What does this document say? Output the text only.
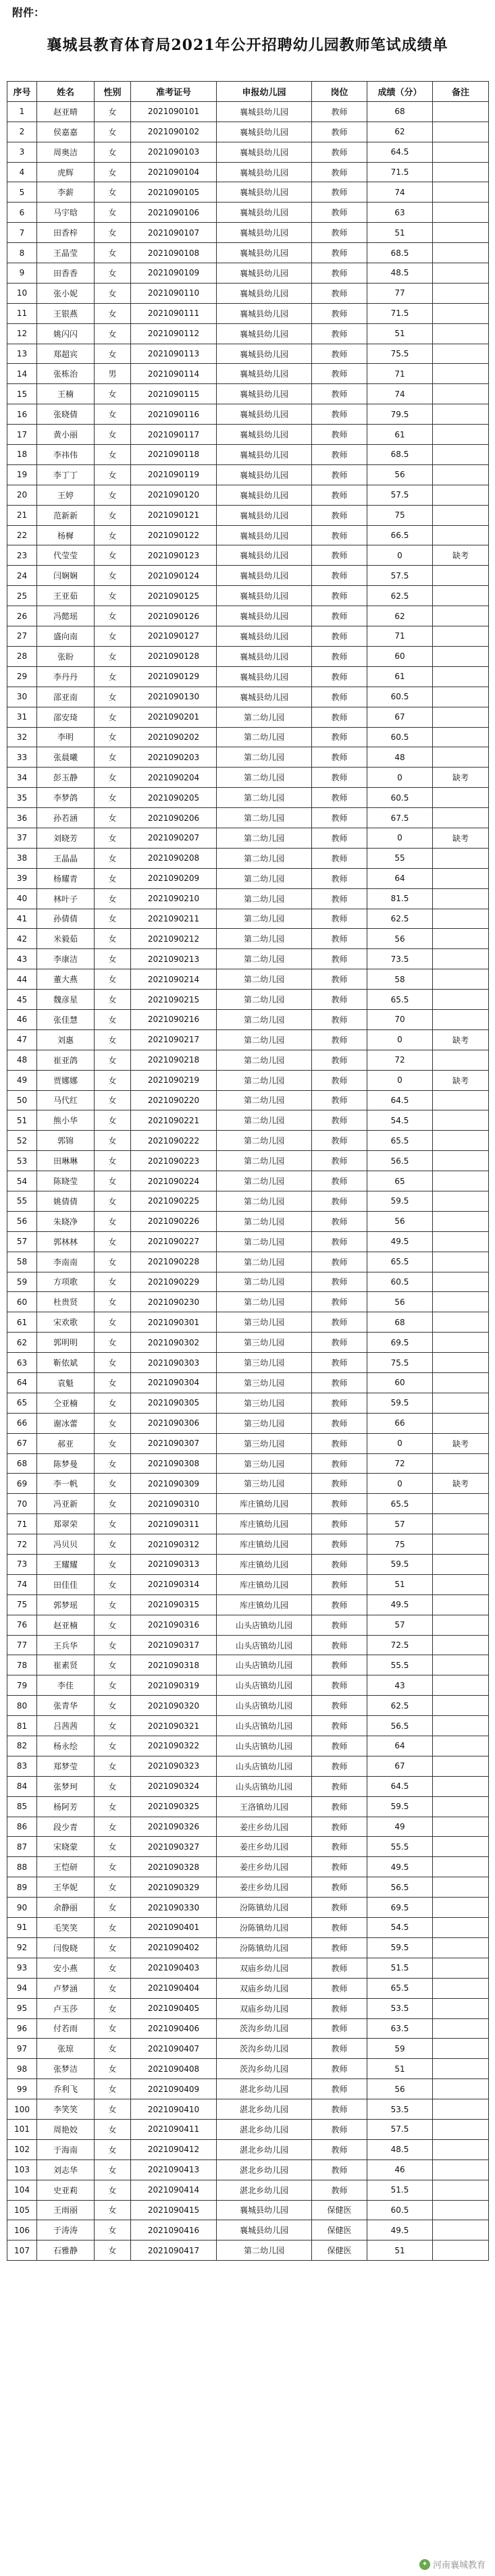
附件：
襄城县教育体育局2021年公开招聘幼儿园教师笔试成绩单
序号	姓名	性别	准考证号	申报幼儿园	岗位	成绩（分）	备注
1	赵亚晴	女	2021090101	襄城县幼儿园	教师	68	
2	侯嘉嘉	女	2021090102	襄城县幼儿园	教师	62	
3	周奥洁	女	2021090103	襄城县幼儿园	教师	64.5	
4	虎辉	女	2021090104	襄城县幼儿园	教师	71.5	
5	李薪	女	2021090105	襄城县幼儿园	教师	74	
6	马宇晗	女	2021090106	襄城县幼儿园	教师	63	
7	田香梓	女	2021090107	襄城县幼儿园	教师	51	
8	王晶莹	女	2021090108	襄城县幼儿园	教师	68.5	
9	田香香	女	2021090109	襄城县幼儿园	教师	48.5	
10	张小妮	女	2021090110	襄城县幼儿园	教师	77	
11	王银燕	女	2021090111	襄城县幼儿园	教师	71.5	
12	姚闪闪	女	2021090112	襄城县幼儿园	教师	51	
13	郑超宾	女	2021090113	襄城县幼儿园	教师	75.5	
14	张栋治	男	2021090114	襄城县幼儿园	教师	71	
15	王楠	女	2021090115	襄城县幼儿园	教师	74	
16	张晓倩	女	2021090116	襄城县幼儿园	教师	79.5	
17	黄小丽	女	2021090117	襄城县幼儿园	教师	61	
18	李祎伟	女	2021090118	襄城县幼儿园	教师	68.5	
19	李丁丁	女	2021090119	襄城县幼儿园	教师	56	
20	王婷	女	2021090120	襄城县幼儿园	教师	57.5	
21	范新新	女	2021090121	襄城县幼儿园	教师	75	
22	杨樨	女	2021090122	襄城县幼儿园	教师	66.5	
23	代莹莹	女	2021090123	襄城县幼儿园	教师	0	缺考
24	闫娴娴	女	2021090124	襄城县幼儿园	教师	57.5	
25	王亚茹	女	2021090125	襄城县幼儿园	教师	62.5	
26	冯懿瑶	女	2021090126	襄城县幼儿园	教师	62	
27	盛向南	女	2021090127	襄城县幼儿园	教师	71	
28	张盼	女	2021090128	襄城县幼儿园	教师	60	
29	李丹丹	女	2021090129	襄城县幼儿园	教师	61	
30	邵亚南	女	2021090130	襄城县幼儿园	教师	60.5	
31	邵安琦	女	2021090201	第二幼儿园	教师	67	
32	李明	女	2021090202	第二幼儿园	教师	60.5	
33	张晨曦	女	2021090203	第二幼儿园	教师	48	
34	彭玉静	女	2021090204	第二幼儿园	教师	0	缺考
35	李梦鸽	女	2021090205	第二幼儿园	教师	60.5	
36	孙若涵	女	2021090206	第二幼儿园	教师	67.5	
37	刘晓芳	女	2021090207	第二幼儿园	教师	0	缺考
38	王晶晶	女	2021090208	第二幼儿园	教师	55	
39	杨耀青	女	2021090209	第二幼儿园	教师	64	
40	林叶子	女	2021090210	第二幼儿园	教师	81.5	
41	孙倩倩	女	2021090211	第二幼儿园	教师	62.5	
42	米毅茹	女	2021090212	第二幼儿园	教师	56	
43	李康洁	女	2021090213	第二幼儿园	教师	73.5	
44	董大燕	女	2021090214	第二幼儿园	教师	58	
45	魏彦星	女	2021090215	第二幼儿园	教师	65.5	
46	张佳慧	女	2021090216	第二幼儿园	教师	70	
47	刘惠	女	2021090217	第二幼儿园	教师	0	缺考
48	崔亚鸽	女	2021090218	第二幼儿园	教师	72	
49	贾娜娜	女	2021090219	第二幼儿园	教师	0	缺考
50	马代红	女	2021090220	第二幼儿园	教师	64.5	
51	熊小华	女	2021090221	第二幼儿园	教师	54.5	
52	郭锦	女	2021090222	第二幼儿园	教师	65.5	
53	田琳琳	女	2021090223	第二幼儿园	教师	56.5	
54	陈晓莹	女	2021090224	第二幼儿园	教师	65	
55	姚倩倩	女	2021090225	第二幼儿园	教师	59.5	
56	朱晓净	女	2021090226	第二幼儿园	教师	56	
57	郭林林	女	2021090227	第二幼儿园	教师	49.5	
58	李南南	女	2021090228	第二幼儿园	教师	65.5	
59	方项歌	女	2021090229	第二幼儿园	教师	60.5	
60	杜贵贤	女	2021090230	第二幼儿园	教师	56	
61	宋欢歌	女	2021090301	第三幼儿园	教师	68	
62	郭明明	女	2021090302	第三幼儿园	教师	69.5	
63	靳依斌	女	2021090303	第三幼儿园	教师	75.5	
64	袁魁	女	2021090304	第三幼儿园	教师	60	
65	仝亚楠	女	2021090305	第三幼儿园	教师	59.5	
66	谢冰蕾	女	2021090306	第三幼儿园	教师	66	
67	郝亚	女	2021090307	第三幼儿园	教师	0	缺考
68	陈梦曼	女	2021090308	第三幼儿园	教师	72	
69	李一帆	女	2021090309	第三幼儿园	教师	0	缺考
70	冯亚新	女	2021090310	库庄镇幼儿园	教师	65.5	
71	郑翠荣	女	2021090311	库庄镇幼儿园	教师	57	
72	冯贝贝	女	2021090312	库庄镇幼儿园	教师	75	
73	王耀耀	女	2021090313	库庄镇幼儿园	教师	59.5	
74	田佳佳	女	2021090314	库庄镇幼儿园	教师	51	
75	郭梦瑶	女	2021090315	库庄镇幼儿园	教师	49.5	
76	赵亚楠	女	2021090316	山头店镇幼儿园	教师	57	
77	王兵华	女	2021090317	山头店镇幼儿园	教师	72.5	
78	崔素贤	女	2021090318	山头店镇幼儿园	教师	55.5	
79	李佳	女	2021090319	山头店镇幼儿园	教师	43	
80	张青华	女	2021090320	山头店镇幼儿园	教师	62.5	
81	吕茜茜	女	2021090321	山头店镇幼儿园	教师	56.5	
82	杨永绘	女	2021090322	山头店镇幼儿园	教师	64	
83	郑梦莹	女	2021090323	山头店镇幼儿园	教师	67	
84	张梦珂	女	2021090324	山头店镇幼儿园	教师	64.5	
85	杨阿芳	女	2021090325	王洛镇幼儿园	教师	59.5	
86	段少青	女	2021090326	姜庄乡幼儿园	教师	49	
87	宋晓蒙	女	2021090327	姜庄乡幼儿园	教师	55.5	
88	王恺研	女	2021090328	姜庄乡幼儿园	教师	49.5	
89	王华妮	女	2021090329	姜庄乡幼儿园	教师	56.5	
90	余静丽	女	2021090330	汾陈镇幼儿园	教师	69.5	
91	毛笑笑	女	2021090401	汾陈镇幼儿园	教师	54.5	
92	闫俊晓	女	2021090402	汾陈镇幼儿园	教师	59.5	
93	安小燕	女	2021090403	双庙乡幼儿园	教师	51.5	
94	卢梦涵	女	2021090404	双庙乡幼儿园	教师	65.5	
95	卢玉莎	女	2021090405	双庙乡幼儿园	教师	53.5	
96	付若雨	女	2021090406	茨沟乡幼儿园	教师	63.5	
97	张琼	女	2021090407	茨沟乡幼儿园	教师	59	
98	张梦洁	女	2021090408	茨沟乡幼儿园	教师	51	
99	乔利飞	女	2021090409	湛北乡幼儿园	教师	56	
100	李笑笑	女	2021090410	湛北乡幼儿园	教师	53.5	
101	周艳姣	女	2021090411	湛北乡幼儿园	教师	57.5	
102	于海南	女	2021090412	湛北乡幼儿园	教师	48.5	
103	刘志华	女	2021090413	湛北乡幼儿园	教师	46	
104	史亚莉	女	2021090414	湛北乡幼儿园	教师	51.5	
105	王雨丽	女	2021090415	襄城县幼儿园	保健医	60.5	
106	于涛涛	女	2021090416	襄城县幼儿园	保健医	49.5	
107	石雅静	女	2021090417	第二幼儿园	保健医	51	
✦ 河南襄城教育
